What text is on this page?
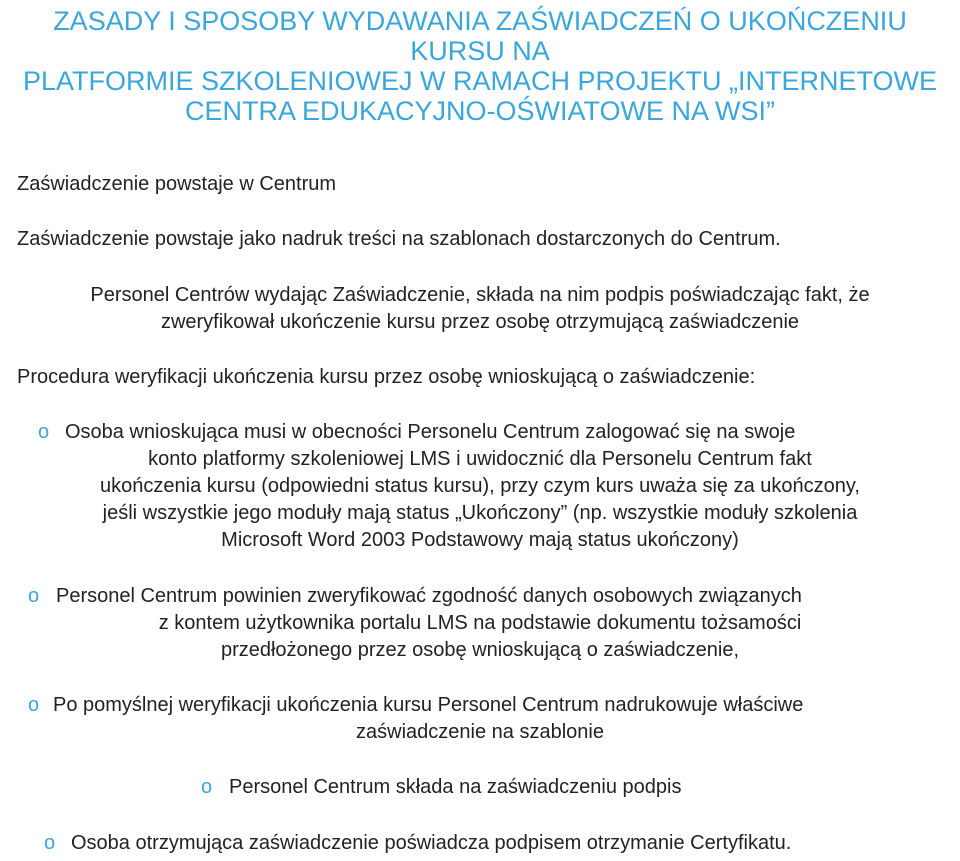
ZASADY I SPOSOBY WYDAWANIA ZAŚWIADCZEŃ O UKOŃCZENIU
KURSU NA
PLATFORMIE SZKOLENIOWEJ W RAMACH PROJEKTU „INTERNETOWE
CENTRA EDUKACYJNO-OŚWIATOWE NA WSI”
Zaświadczenie powstaje w Centrum
Zaświadczenie powstaje jako nadruk treści na szablonach dostarczonych do Centrum.
Personel Centrów wydając Zaświadczenie, składa na nim podpis poświadczając fakt, że
zweryfikował ukończenie kursu przez osobę otrzymującą zaświadczenie
Procedura weryfikacji ukończenia kursu przez osobę wnioskującą o zaświadczenie:
o Osoba wnioskująca musi w obecności Personelu Centrum zalogować się na swoje
konto platformy szkoleniowej LMS i uwidocznić dla Personelu Centrum fakt
ukończenia kursu (odpowiedni status kursu), przy czym kurs uważa się za ukończony,
jeśli wszystkie jego moduły mają status „Ukończony” (np. wszystkie moduły szkolenia
Microsoft Word 2003 Podstawowy mają status ukończony)
o Personel Centrum powinien zweryfikować zgodność danych osobowych związanych
z kontem użytkownika portalu LMS na podstawie dokumentu tożsamości
przedłożonego przez osobę wnioskującą o zaświadczenie,
o Po pomyślnej weryfikacji ukończenia kursu Personel Centrum nadrukowuje właściwe
zaświadczenie na szablonie
o Personel Centrum składa na zaświadczeniu podpis
o Osoba otrzymująca zaświadczenie poświadcza podpisem otrzymanie Certyfikatu.
